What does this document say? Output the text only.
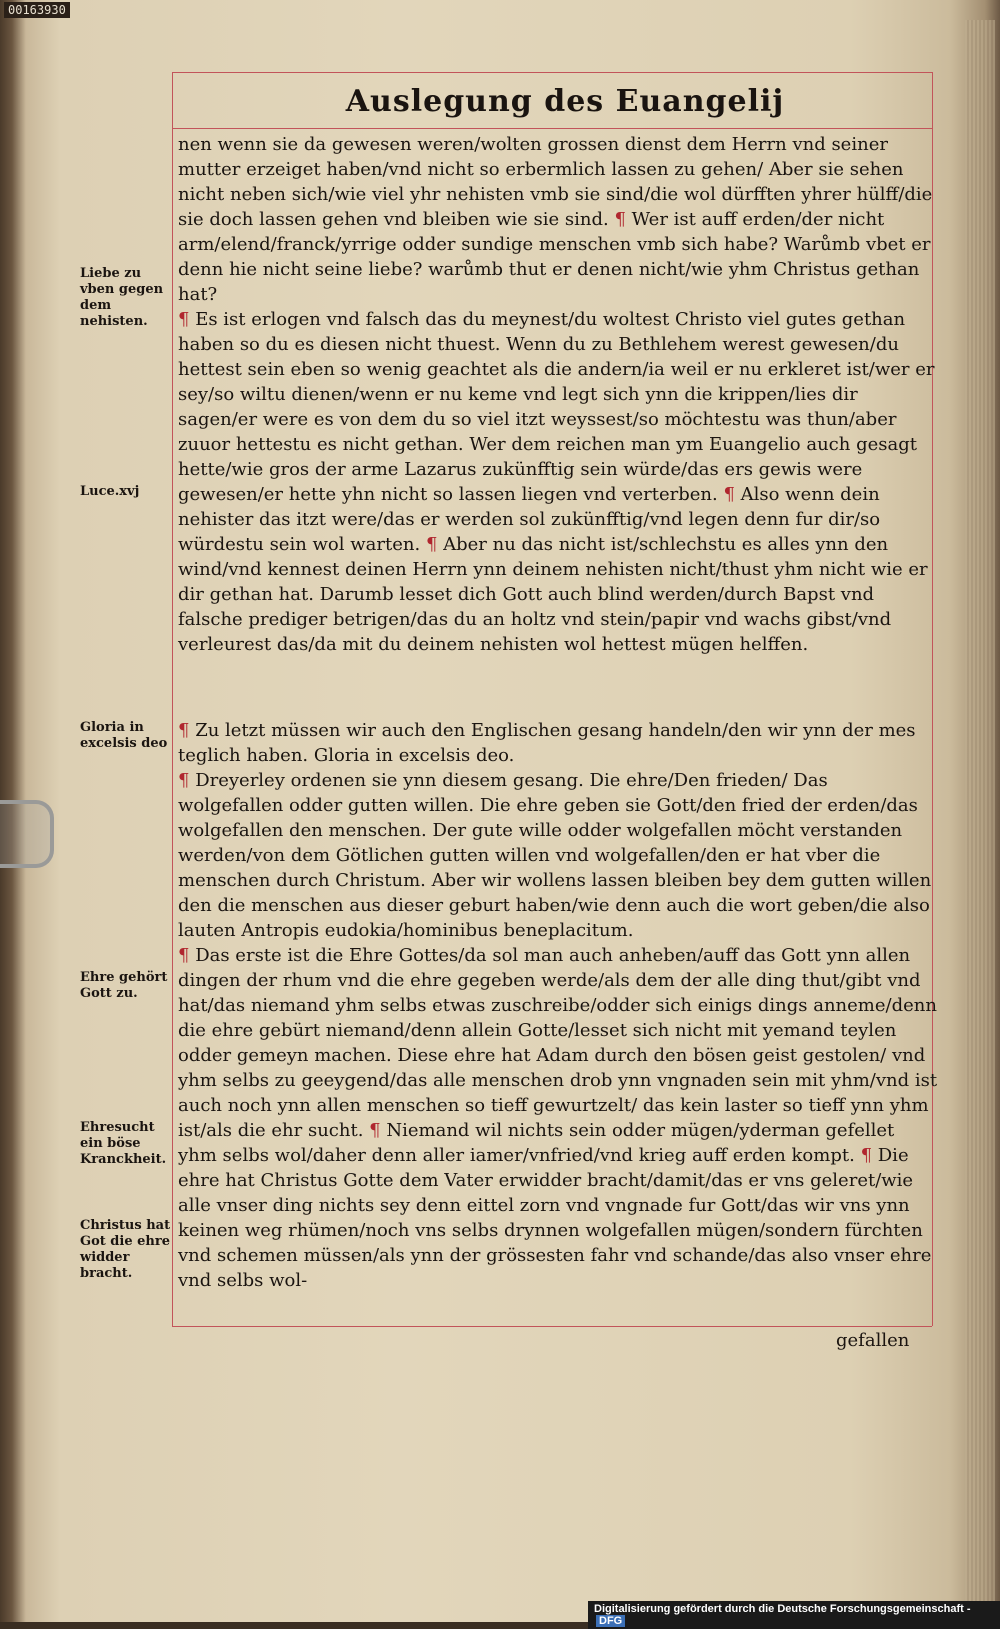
00163930
Auslegung des Euangelij
nen wenn sie da gewesen weren/wolten grossen dienst dem Herrn vnd seiner mutter erzeiget haben/vnd nicht so erbermlich lassen zu gehen/ Aber sie sehen nicht neben sich/wie viel yhr nehisten vmb sie sind/die wol dürfften yhrer hülff/die sie doch lassen gehen vnd bleiben wie sie sind. ¶ Wer ist auff erden/der nicht arm/elend/franck/yrrige odder sundige menschen vmb sich habe? Warůmb vbet er denn hie nicht seine liebe? warůmb thut er denen nicht/wie yhm Christus gethan hat?
¶ Es ist erlogen vnd falsch das du meynest/du woltest Christo viel gutes gethan haben so du es diesen nicht thuest. Wenn du zu Bethlehem werest gewesen/du hettest sein eben so wenig geachtet als die andern/ia weil er nu erkleret ist/wer er sey/so wiltu dienen/wenn er nu keme vnd legt sich ynn die krippen/lies dir sagen/er were es von dem du so viel itzt weyssest/so möchtestu was thun/aber zuuor hettestu es nicht gethan. Wer dem reichen man ym Euangelio auch gesagt hette/wie gros der arme Lazarus zukünfftig sein würde/das ers gewis were gewesen/er hette yhn nicht so lassen liegen vnd verterben. ¶ Also wenn dein nehister das itzt were/das er werden sol zukünfftig/vnd legen denn fur dir/so würdestu sein wol warten. ¶ Aber nu das nicht ist/schlechstu es alles ynn den wind/vnd kennest deinen Herrn ynn deinem nehisten nicht/thust yhm nicht wie er dir gethan hat. Darumb lesset dich Gott auch blind werden/durch Bapst vnd falsche prediger betrigen/das du an holtz vnd stein/papir vnd wachs gibst/vnd verleurest das/da mit du deinem nehisten wol hettest mügen helffen.
¶ Zu letzt müssen wir auch den Englischen gesang handeln/den wir ynn der mes teglich haben. Gloria in excelsis deo.
¶ Dreyerley ordenen sie ynn diesem gesang. Die ehre/Den frieden/ Das wolgefallen odder gutten willen. Die ehre geben sie Gott/den fried der erden/das wolgefallen den menschen. Der gute wille odder wolgefallen möcht verstanden werden/von dem Götlichen gutten willen vnd wolgefallen/den er hat vber die menschen durch Christum. Aber wir wollens lassen bleiben bey dem gutten willen den die menschen aus dieser geburt haben/wie denn auch die wort geben/die also lauten Antropis eudokia/hominibus beneplacitum.
¶ Das erste ist die Ehre Gottes/da sol man auch anheben/auff das Gott ynn allen dingen der rhum vnd die ehre gegeben werde/als dem der alle ding thut/gibt vnd hat/das niemand yhm selbs etwas zuschreibe/odder sich einigs dings anneme/denn die ehre gebürt niemand/denn allein Gotte/lesset sich nicht mit yemand teylen odder gemeyn machen. Diese ehre hat Adam durch den bösen geist gestolen/ vnd yhm selbs zu geeygend/das alle menschen drob ynn vngnaden sein mit yhm/vnd ist auch noch ynn allen menschen so tieff gewurtzelt/ das kein laster so tieff ynn yhm ist/als die ehr sucht. ¶ Niemand wil nichts sein odder mügen/yderman gefellet yhm selbs wol/daher denn aller iamer/vnfried/vnd krieg auff erden kompt. ¶ Die ehre hat Christus Gotte dem Vater erwidder bracht/damit/das er vns geleret/wie alle vnser ding nichts sey denn eittel zorn vnd vngnade fur Gott/das wir vns ynn keinen weg rhümen/noch vns selbs drynnen wolgefallen mügen/sondern fürchten vnd schemen müssen/als ynn der grössesten fahr vnd schande/das also vnser ehre vnd selbs wol-
gefallen
Liebe zu vben gegen dem nehisten.
Luce.xvj
Gloria in excelsis deo
Ehre gehört Gott zu.
Ehresucht ein böse Kranckheit.
Christus hat Got die ehre widder bracht.
Digitalisierung gefördert durch die Deutsche Forschungsgemeinschaft -DFG
